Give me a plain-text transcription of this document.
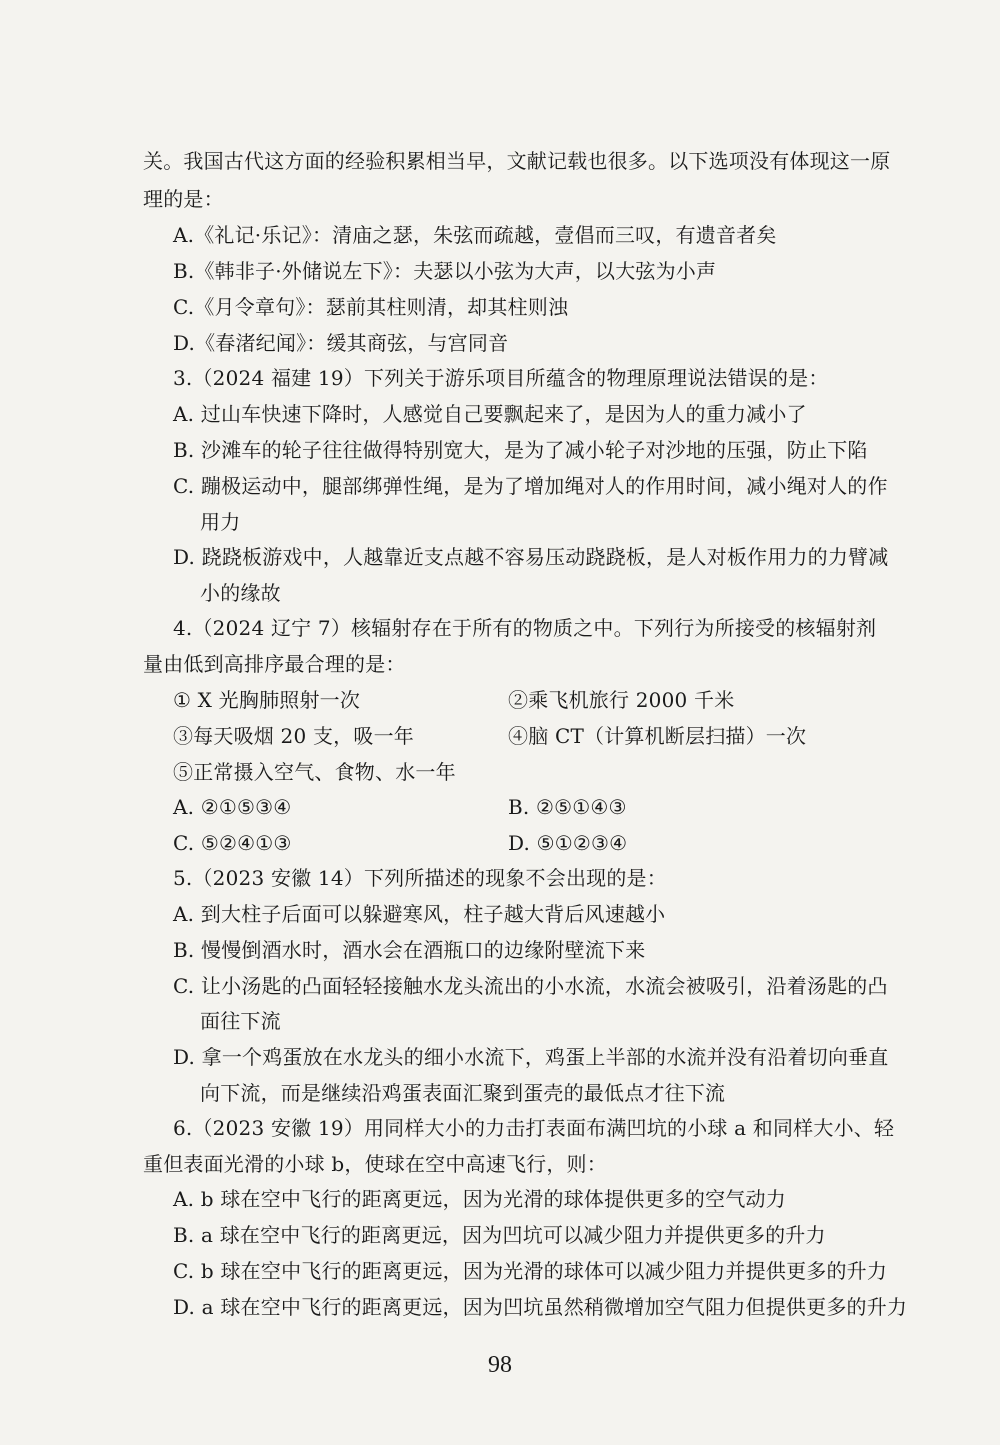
关。我国古代这方面的经验积累相当早，文献记载也很多。以下选项没有体现这一原
理的是：
A.《礼记·乐记》：清庙之瑟，朱弦而疏越，壹倡而三叹，有遗音者矣
B.《韩非子·外储说左下》：夫瑟以小弦为大声，以大弦为小声
C.《月令章句》：瑟前其柱则清，却其柱则浊
D.《春渚纪闻》：缓其商弦，与宫同音
3.（2024 福建 19）下列关于游乐项目所蕴含的物理原理说法错误的是：
A. 过山车快速下降时，人感觉自己要飘起来了，是因为人的重力减小了
B. 沙滩车的轮子往往做得特别宽大，是为了减小轮子对沙地的压强，防止下陷
C. 蹦极运动中，腿部绑弹性绳，是为了增加绳对人的作用时间，减小绳对人的作
用力
D. 跷跷板游戏中，人越靠近支点越不容易压动跷跷板，是人对板作用力的力臂减
小的缘故
4.（2024 辽宁 7）核辐射存在于所有的物质之中。下列行为所接受的核辐射剂
量由低到高排序最合理的是：
① X 光胸肺照射一次	②乘飞机旅行 2000 千米
③每天吸烟 20 支，吸一年	④脑 CT（计算机断层扫描）一次
⑤正常摄入空气、食物、水一年
A. ②①⑤③④	B. ②⑤①④③
C. ⑤②④①③	D. ⑤①②③④
5.（2023 安徽 14）下列所描述的现象不会出现的是：
A. 到大柱子后面可以躲避寒风，柱子越大背后风速越小
B. 慢慢倒酒水时，酒水会在酒瓶口的边缘附壁流下来
C. 让小汤匙的凸面轻轻接触水龙头流出的小水流，水流会被吸引，沿着汤匙的凸
面往下流
D. 拿一个鸡蛋放在水龙头的细小水流下，鸡蛋上半部的水流并没有沿着切向垂直
向下流，而是继续沿鸡蛋表面汇聚到蛋壳的最低点才往下流
6.（2023 安徽 19）用同样大小的力击打表面布满凹坑的小球 a 和同样大小、轻
重但表面光滑的小球 b，使球在空中高速飞行，则：
A. b 球在空中飞行的距离更远，因为光滑的球体提供更多的空气动力
B. a 球在空中飞行的距离更远，因为凹坑可以减少阻力并提供更多的升力
C. b 球在空中飞行的距离更远，因为光滑的球体可以减少阻力并提供更多的升力
D. a 球在空中飞行的距离更远，因为凹坑虽然稍微增加空气阻力但提供更多的升力
98
